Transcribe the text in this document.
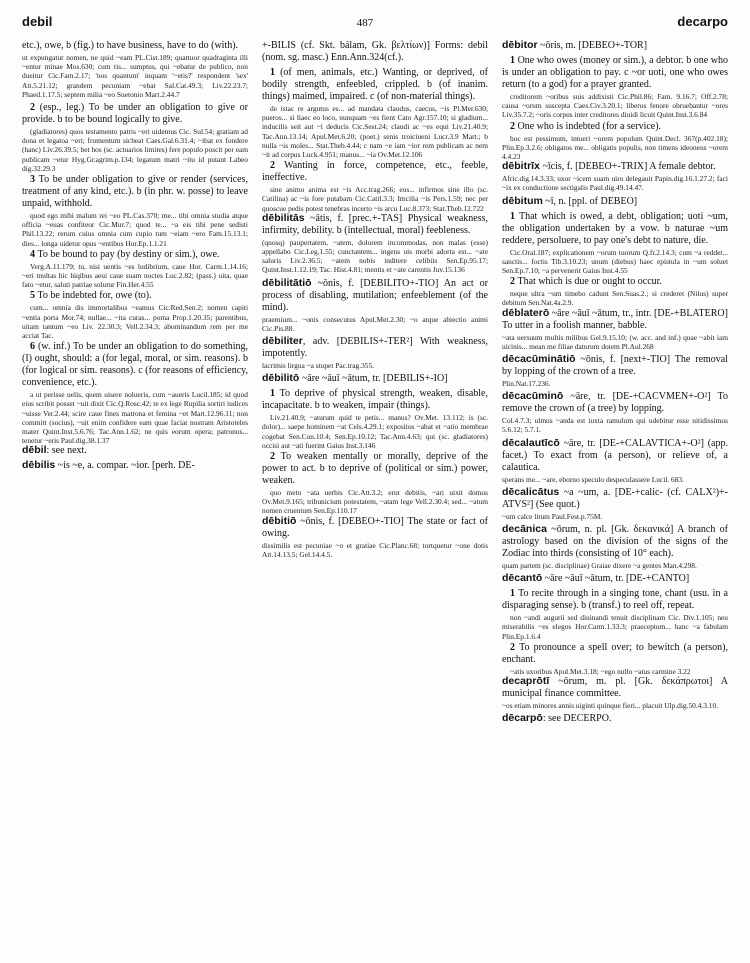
debil	487	decarpo
etc.), owe, b (fig.) to have business, have to do (with).
ut expungatur nomen, ne quid ~eam PL.Cist.189; quattuor quadragintа illi ~entur minae Mos.630; cum tis... sumptus, qui ~ebatur de publico, non dueitur Cic.Fam.2.17; 'nos quantum' inquam '~etis?' respondent 'sex' Att.5.21.12; grandem pecuniam ~ebat Sal.Cat.49.3; Liv.22.23.7; Phaed.1.17.5; septem milia ~eo Suetonio Mart.2.44.7
2 (esp., leg.) To be under an obligation to give or provide. b to be bound logically to give.
(gladiatores) quos testamento patris ~eri uidemus Cic. Sul.54; gratiam ad dona et legatoa ~eri; frumentum sicheat Caes.Gal.6.31.4; ~ibat ex fondere (hanc) Liv.26.39.5; bet hos (sc. actuarios limites) fere populo poscit per eam publicam ~etur Hyg.Gr.agrim.p.134; legatum matri ~itu id putant Labeo dig.32.29.3
3 To be under obligation to give or render (services, treatment of any kind, etc.). b (in phr. w. posse) to leave unpaid, withhold.
quod ego mihi malum rei ~eo PL.Cas.370; me... tibi omnia studia atque officia ~euas confiteor Cic.Mur.7; quod te... ~a eis tibi pene sedisti Phil.13.22; rerum cuius omnia cum cupio tum ~eiam ~ero Fam.15.13.1; dies... longa uidetur opus ~entibus Hor.Ep.1.1.21
4 To be bound to pay (by destiny or sim.), owe.
Verg.A.11.179; tu, nisi uentis ~es ludibrium, caue Hor. Carm.1.14.16; ~eri multas hic hiqibus aeui caue suam noctes Luc.2.82; (pass.) uita, quae fato ~etur, saluti patriae solutur Fin.Her.4.55
5 To be indebted for, owe (to).
cum... omnia dis immortalibus ~eamus Cic.Red.Sen.2; nomen capiti ~entia porta Mor.74; nullae... ~ita curas... poma Prop.1.20.35; parentibus, uitam tantum ~eo Liv. 22.30.3; Vell.2.34.3; abominandum rem per me acciat Tac.
6 (w. inf.) To be under an obligation to do something, (I) ought, should: a (for legal, moral, or sim. reasons). b (for logical or sim. reasons). c (for reasons of efficiency, convenience, etc.).
a ut perisse uelis, quem uisere nolueris, cum ~aueris Lucil.185; id quod eius scribit posset ~uit dixit Cic.Q.Rosc.42; te ex lege Rupilia sortiri iudices ~uisse Ver.2.44; scire caue fines matrona et femina ~et Mart.12.96.11; non committ (socius), ~uit enim confidere eam quae faciat nostram Aristoteles mater Quint.Inst.5.6.76; Tac.Ann.1.62; ne quis eorum opera; patronus... tenetur ~eris Paul.dig.38.1.37
dēbil: see next.
dēbilis ~is ~e, a. compar. ~ior. [perh. DE-
+-BILIS (cf. Skt. bálam, Gk. βελτίων)] Forms: debil (nom. sg. masc.) Enn.Ann.324(cf.).
1 (of men, animals, etc.) Wanting, or deprived, of bodily strength, enfeebled, crippled. b (of inanim. things) maimed, impaired. c (of non-material things).
de istac re argutus es... ad mandata claudus, caecus, ~is Pl.Mer.630; pueros... si liaec eo loco, nunquam ~es fient Cato Agr.157.10; si gladium... inducilis seit aut ~i deducis Cic.Sest.24; claudi ac ~es equi Liv.21.40.9; Tac.Ann.13.14; Apul.Met.6.20; (poet.) senis troiciueni Lucr.3.9 Mart.; b nulla ~is moles... Stat.Theb.4.44; c nam ~e iam ~ior rem publicam ac nem ~it ad corpus Luck.4.951; manus... ~ia Ov.Met.12.106
2 Wanting in force, competence, etc., feeble, ineffective.
sine animo anima est ~is Acc.trag.266; eos... infirmos sine illo (sc. Catilina) ac ~is fore putabam Cic.Catil.3.3; Imcilia ~is Pers.1.59; nec per quoscue pedis potest tenebras incerto ~is arcu Luc.8.373; Stat.Theb.12.722
dēbilitās ~ātis, f. [prec.+-TAS] Physical weakness, infirmity, debility. b (intellectual, moral) feebleness.
(quosq) paupertatem, ~atem, dolorem incommodas, non malas (esse) appellabo Cic.Leg.1.55; cunctantem... ingens uis morbi adorta est... ~ate saluris Liv.2.36.5; ~atem nobis inditere celibiis Sen.Ep.95.17; Quint.Inst.1.12.19; Tac. Hist.4.81; mentis et ~ate carentis Juv.15.136
dēbilitātiō ~ōnis, f. [DEBILITO+-TIO] An act or process of disabling, mutilation; enfeeblement (of the mind).
praemium... ~onis consecutus Apul.Met.2.30; ~o atque abiectio animi Cic.Pis.88.
dēbiliter, adv. [DEBILIS+-TER²] With weakness, impotently.
lacrimis lirgua ~a stupet Pac.trag.355.
dēbilitō ~āre ~āuī ~ātum, tr. [DEBILIS+-IO]
1 To deprive of physical strength, weaken, disable, incapacitate. b to weaken, impair (things).
Liv.21.40.9; ~aturum quid te petis... manus? Ov.Met. 13.112; is (sc. dolor)... saepe hominem ~at Cels.4.29.1; expositos ~abat et ~atio membrae cogebat Sen.Con.10.4; Sen.Ep.10.12; Tac.Ann.4.63; qui (sc. gladiatores) occisi aut ~ati fuerint Gaius Inst.3.146
2 To weaken mentally or morally, deprive of the power to act. b to deprive of (political or sim.) power, weaken.
quo metu ~ata uerbis Cic.Att.3.2; erut debitis, ~ari uixit domus Ov.Met.9.165; tribunicium potestatem, ~atam lege Vell.2.30.4; sed... ~atum nomen cruentum Sen.Ep.110.17
dēbitiō ~ōnis, f. [DEBEO+-TIO] The state or fact of owing.
dissimilis est pecuniae ~o et gratiae Cic.Planc.68; tortquetur ~one dotis Att.14.13.5; Gel.14.4.5.
dēbitor ~ōris, m. [DEBEO+-TOR]
1 One who owes (money or sim.), a debtor. b one who is under an obligation to pay. c ~or uoti, one who owes return (to a god) for a prayer granted.
creditorem ~oribus suis addixisti Cic.Phil.86; Fam. 9.16.7; Off.2.78; causa ~orum suscepta Caes.Civ.3.20.1; liberos fenore obruebantur ~ores Liv.35.7.2; ~oris corpus inter creditores diuidi licuit Quint.Inst.3.6.84
2 One who is indebted (for a service).
hoc est pessimum, intueri ~orem populum Quint.Decl. 367(p.402.18); Plin.Ep.3.2.6; obligatos me... obligatis populis, non timens ideoneus ~orem 4.4.23
dēbitrīx ~īcis, f. [DEBEO+-TRIX] A female debtor.
Afric.dig.14.3.33; uxor ~icem suam uiro delegauit Papin.dig.16.1.27.2; faci ~ix ex conductione sectigalis Paul.dig.49.14.47.
dēbitum ~ī, n. [ppl. of DEBEO]
1 That which is owed, a debt, obligation; uoti ~um, the obligation undertaken by a vow. b naturae ~um reddere, persoluere, to pay one's debt to nature, die.
Cic.Oral.187; explicationem ~orum tuorum Q.fr.2.14.3; cum ~a reddet... sanctis... foctis Tib.3.10.23; unum (diebus) haec epistula in ~um soluet Sen.Ep.7.10; ~a pervenerit Gaius Inst.4.55
2 That which is due or ought to occur.
neque ultra ~um timebo cadunt Sen.Suas.2.; si crederet (Nilus) super debitum Sen.Nat.4a.2.9.
dēblaterō ~āre ~āuī ~ātum, tr., intr. [DE-+BLATERO] To utter in a foolish manner, babble.
~ata uersuum multis milibus Gel.9.15.10; (w. acc. and inf.) quae ~abit iam uicinis... mean me filiae daturum dotem Pl.Aul.268
dēcacūminātiō ~ōnis, f. [next+-TIO] The removal by lopping of the crown of a tree.
Plin.Nat.17.236.
dēcacūminō ~āre, tr. [DE-+CACVMEN+-O²] To remove the crown of (a tree) by lopping.
Col.4.7.3; ulmus ~anda est iuxta ramulum qui udebitur esse nitidissimus 5.6.12; 5.7.1.
dēcalautīcō ~āre, tr. [DE-+CALAVTICA+-O²] (app. facet.) To exact from (a person), or relieve of, a calautica.
sperans me... ~are, eborno speculo despeculassere Lucil. 683.
dēcalicātus ~a ~um, a. [DE-+calic- (cf. CALX²)+-ATVS²] (See quot.)
~um calce litum Paul.Fest.p.75M.
decānica ~ōrum, n. pl. [Gk. δεκανικά] A branch of astrology based on the division of the signs of the Zodiac into thirds (consisting of 10° each).
quam partem (sc. disciplinae) Graiae dixere ~a gentes Man.4.298.
dēcantō ~āre ~āuī ~ātum, tr. [DE-+CANTO]
1 To recite through in a singing tone, chant (usu. in a disparaging sense). b (transf.) to reel off, repeat.
non ~andi augurii sed diuinandi tenuit disciplinam Cic. Div.1.105; neu miserabilis ~es elegos Hor.Carm.1.33.3; praeceptum... hanc ~a fabulam Plin.Ep.1.6.4
2 To pronounce a spell over; to bewitch (a person), enchant.
~atis uxoribus Apul.Met.3.18; ~ego nullo ~atus carmine 3.22
decaprōtī ~ōrum, m. pl. [Gk. δεκάπρωτοι] A municipal finance committee.
~os etiam minores annis uiginti quinque fieri... placuit Ulp.dig.50.4.3.10.
dēcarpō: see DECERPO.
